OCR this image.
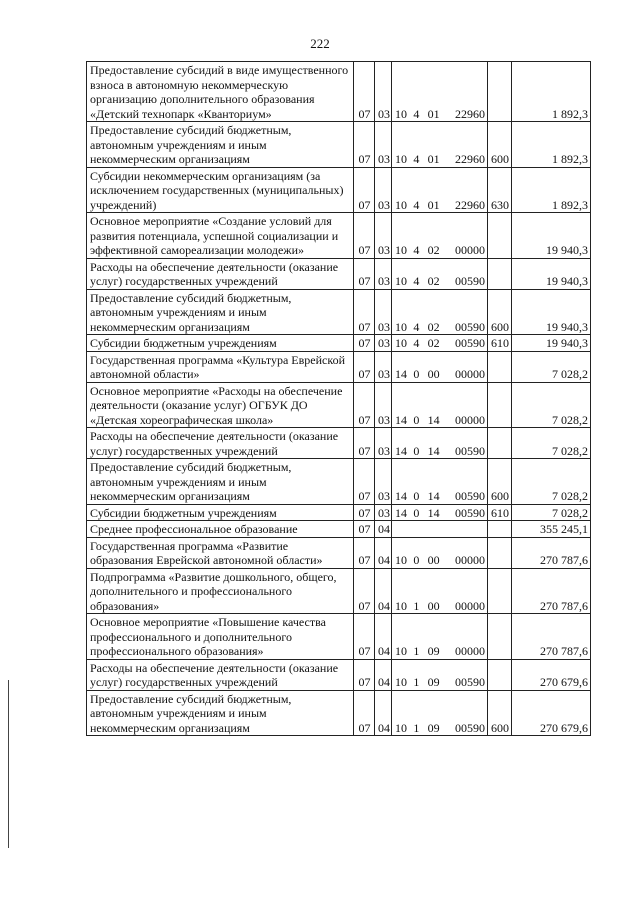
222
Предоставление субсидий в виде имущественного взноса в автономную некоммерческую организацию дополнительного образования «Детский технопарк «Кванториум»	07	03	10 4 01 22960		1 892,3
Предоставление субсидий бюджетным, автономным учреждениям и иным некоммерческим организациям	07	03	10 4 01 22960	600	1 892,3
Субсидии некоммерческим организациям (за исключением государственных (муниципальных) учреждений)	07	03	10 4 01 22960	630	1 892,3
Основное мероприятие «Создание условий для развития потенциала, успешной социализации и эффективной самореализации молодежи»	07	03	10 4 02 00000		19 940,3
Расходы на обеспечение деятельности (оказание услуг) государственных учреждений	07	03	10 4 02 00590		19 940,3
Предоставление субсидий бюджетным, автономным учреждениям и иным некоммерческим организациям	07	03	10 4 02 00590	600	19 940,3
Субсидии бюджетным учреждениям	07	03	10 4 02 00590	610	19 940,3
Государственная программа «Культура Еврейской автономной области»	07	03	14 0 00 00000		7 028,2
Основное мероприятие «Расходы на обеспечение деятельности (оказание услуг) ОГБУК ДО «Детская хореографическая школа»	07	03	14 0 14 00000		7 028,2
Расходы на обеспечение деятельности (оказание услуг) государственных учреждений	07	03	14 0 14 00590		7 028,2
Предоставление субсидий бюджетным, автономным учреждениям и иным некоммерческим организациям	07	03	14 0 14 00590	600	7 028,2
Субсидии бюджетным учреждениям	07	03	14 0 14 00590	610	7 028,2
Среднее профессиональное образование	07	04			355 245,1
Государственная программа «Развитие образования Еврейской автономной области»	07	04	10 0 00 00000		270 787,6
Подпрограмма «Развитие дошкольного, общего, дополнительного и профессионального образования»	07	04	10 1 00 00000		270 787,6
Основное мероприятие «Повышение качества профессионального и дополнительного профессионального образования»	07	04	10 1 09 00000		270 787,6
Расходы на обеспечение деятельности (оказание услуг) государственных учреждений	07	04	10 1 09 00590		270 679,6
Предоставление субсидий бюджетным, автономным учреждениям и иным некоммерческим организациям	07	04	10 1 09 00590	600	270 679,6
